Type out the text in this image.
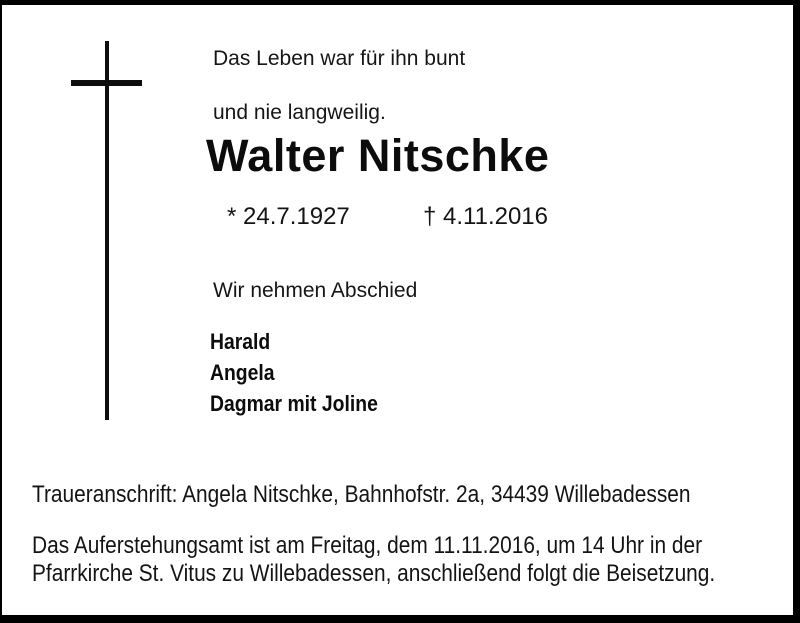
Das Leben war für ihn bunt

und nie langweilig.

Walter Nitschke
* 24.7.1927	† 4.11.2016
Wir nehmen Abschied
Harald
Angela
Dagmar mit Joline
Traueranschrift: Angela Nitschke, Bahnhofstr. 2a, 34439 Willebadessen
Das Auferstehungsamt ist am Freitag, dem 11.11.2016, um 14 Uhr in der
Pfarrkirche St. Vitus zu Willebadessen, anschließend folgt die Beisetzung.
